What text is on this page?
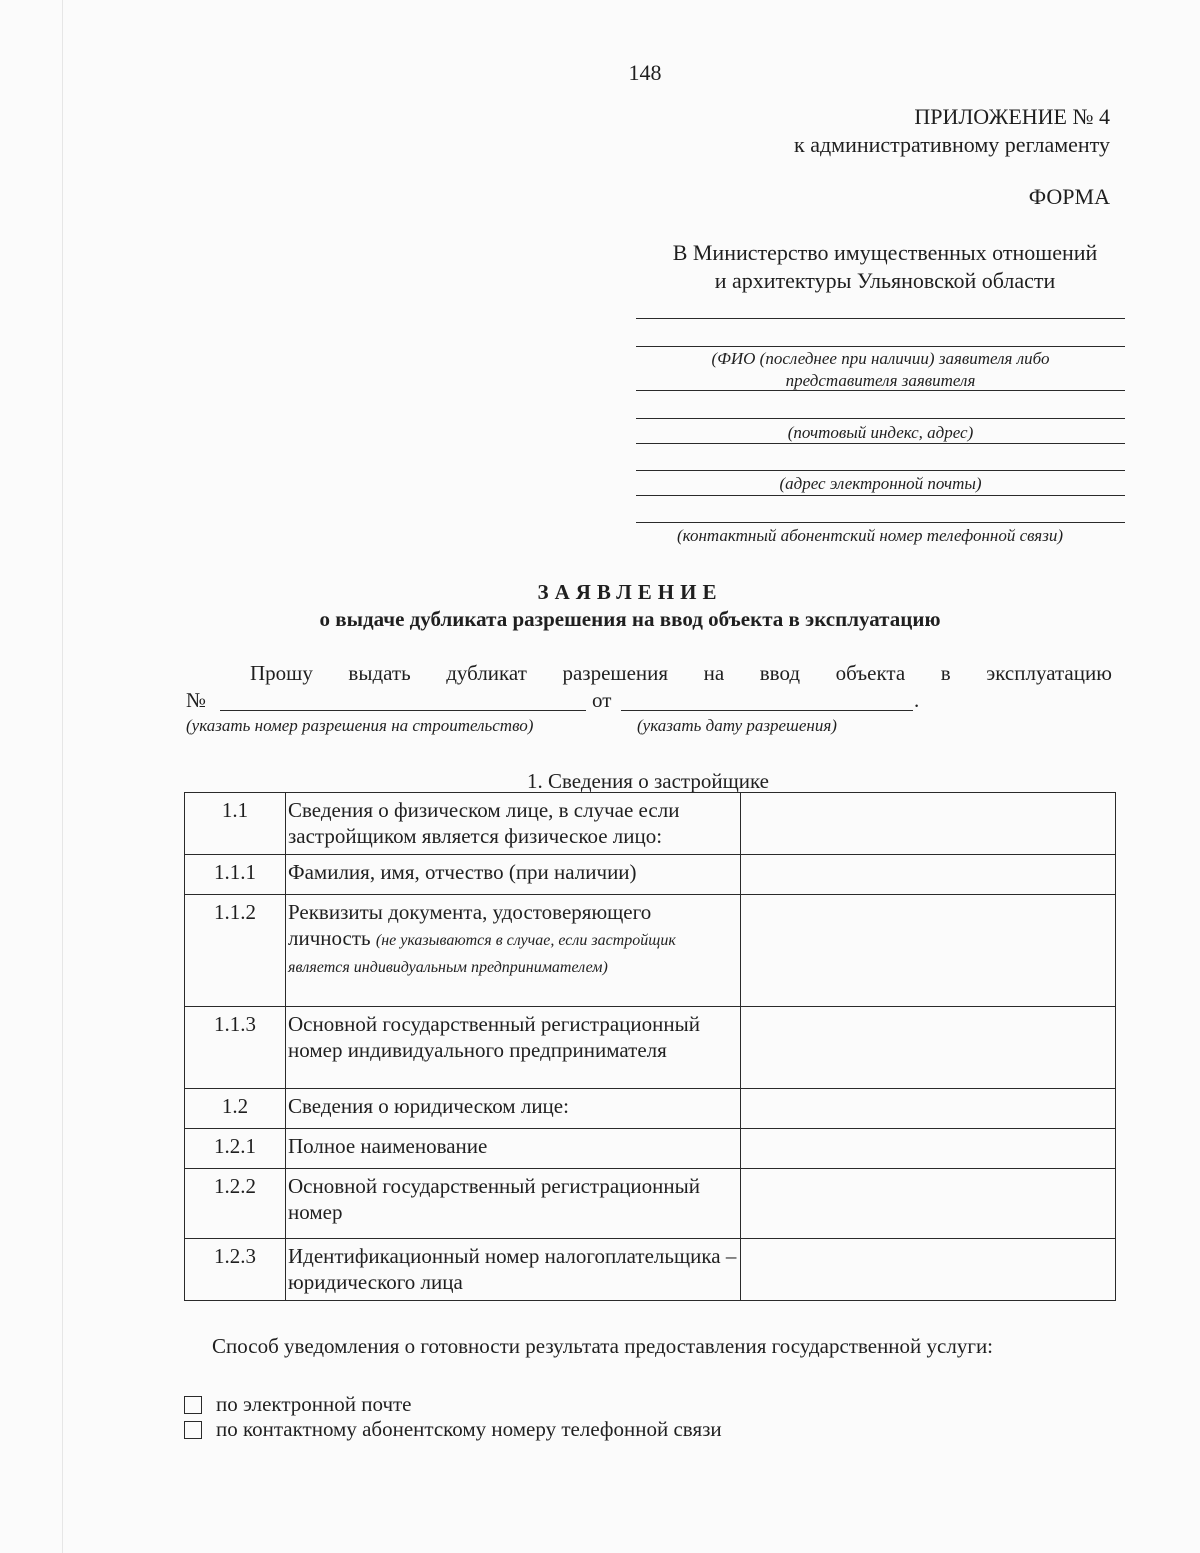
148
ПРИЛОЖЕНИЕ № 4
к административному регламенту
ФОРМА
В Министерство имущественных отношений
и архитектуры Ульяновской области
(ФИО (последнее при наличии) заявителя либо
представителя заявителя
(почтовый индекс, адрес)
(адрес электронной почты)
(контактный абонентский номер телефонной связи)
ЗАЯВЛЕНИЕ
о выдаче дубликата разрешения на ввод объекта в эксплуатацию
Прошу выдать дубликат разрешения на ввод объекта в эксплуатацию
№	от	.
(указать номер разрешения на строительство)	(указать дату разрешения)
1. Сведения о застройщике
1.1	Сведения о физическом лице, в случае если застройщиком является физическое лицо:	
1.1.1	Фамилия, имя, отчество (при наличии)	
1.1.2	Реквизиты документа, удостоверяющего личность (не указываются в случае, если застройщик является индивидуальным предпринимателем)	
1.1.3	Основной государственный регистрационный номер индивидуального предпринимателя	
1.2	Сведения о юридическом лице:	
1.2.1	Полное наименование	
1.2.2	Основной государственный регистрационный номер	
1.2.3	Идентификационный номер налогоплательщика – юридического лица	
Способ уведомления о готовности результата предоставления государственной услуги:
по электронной почте
по контактному абонентскому номеру телефонной связи
